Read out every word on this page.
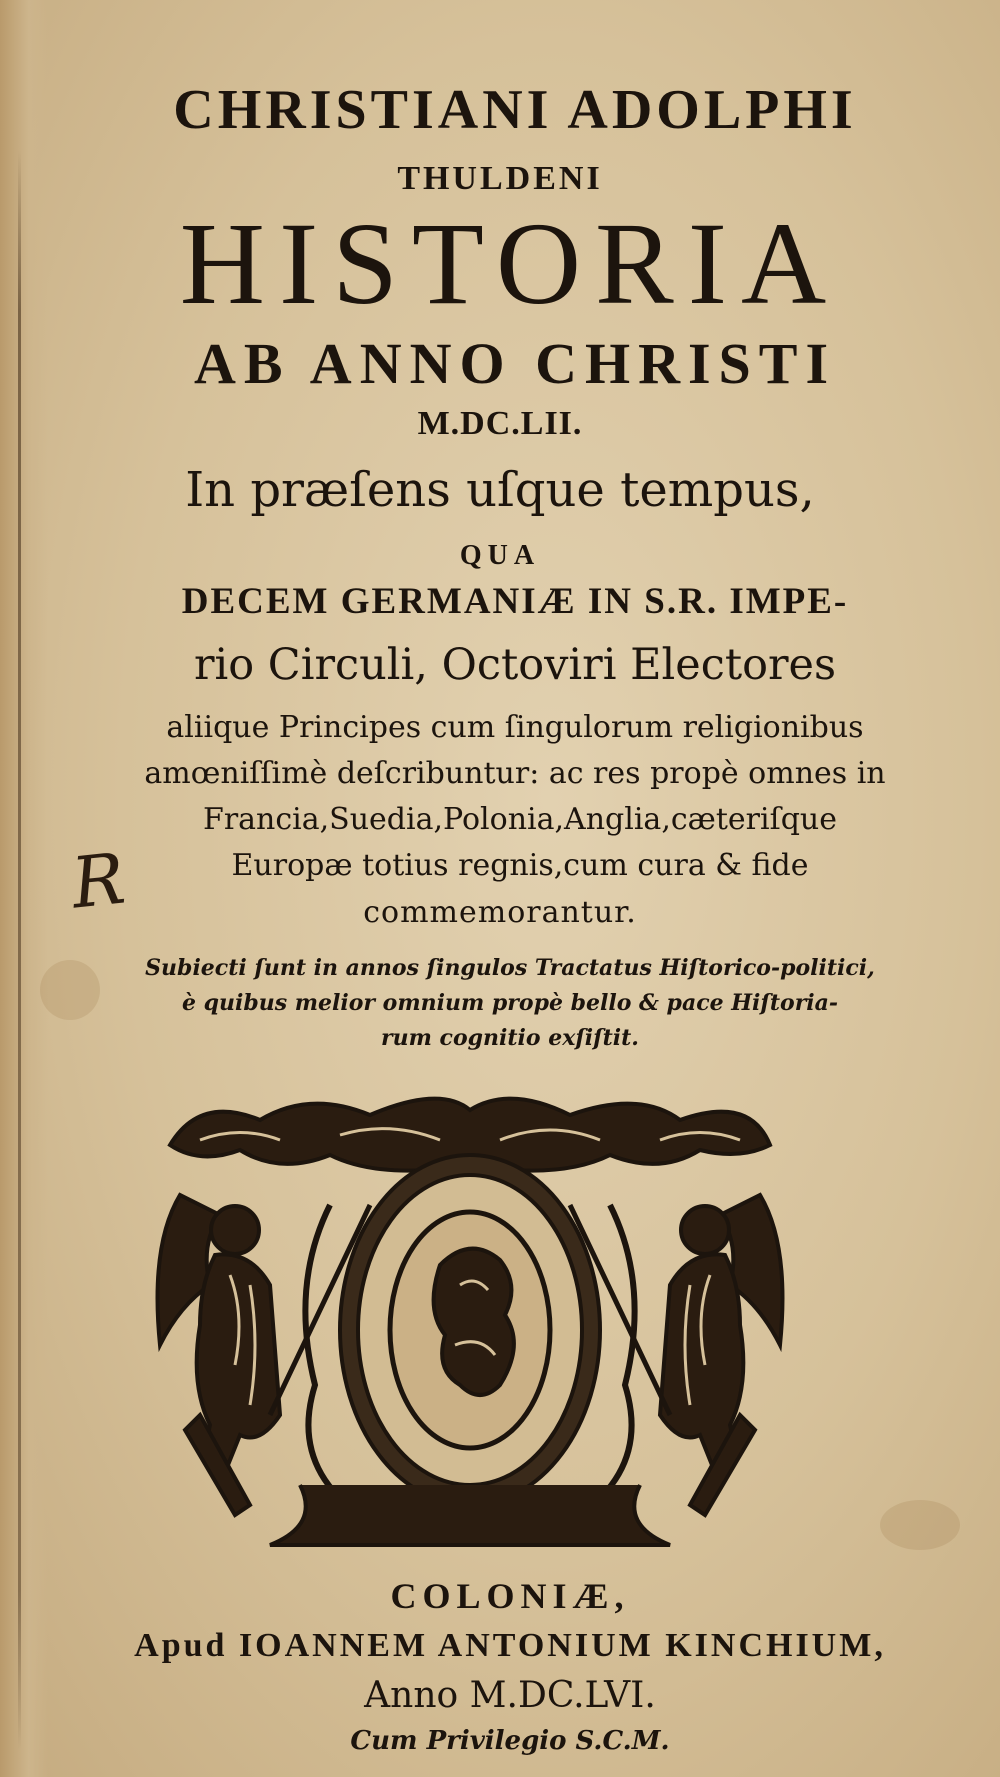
CHRISTIANI ADOLPHI
THULDENI
HISTORIA
AB ANNO CHRISTI
M.DC.LII.
In præſens uſque tempus,
QUA
DECEM GERMANIÆ IN S.R. IMPE-
rio Circuli, Octoviri Electores
aliique Principes cum ſingulorum religionibus
amœniſſimè deſcribuntur: ac res propè omnes in
Francia,Suedia,Polonia,Anglia,cæteriſque
Europæ totius regnis,cum cura & fide
commemorantur.
Subiecti ſunt in annos ſingulos Tractatus Hiſtorico-politici,
è quibus melior omnium propè bello & pace Hiſtoria-
rum cognitio exſiſtit.
R
COLONIÆ,
Apud IOANNEM ANTONIUM KINCHIUM,
Anno M.DC.LVI.
Cum Privilegio S.C.M.
